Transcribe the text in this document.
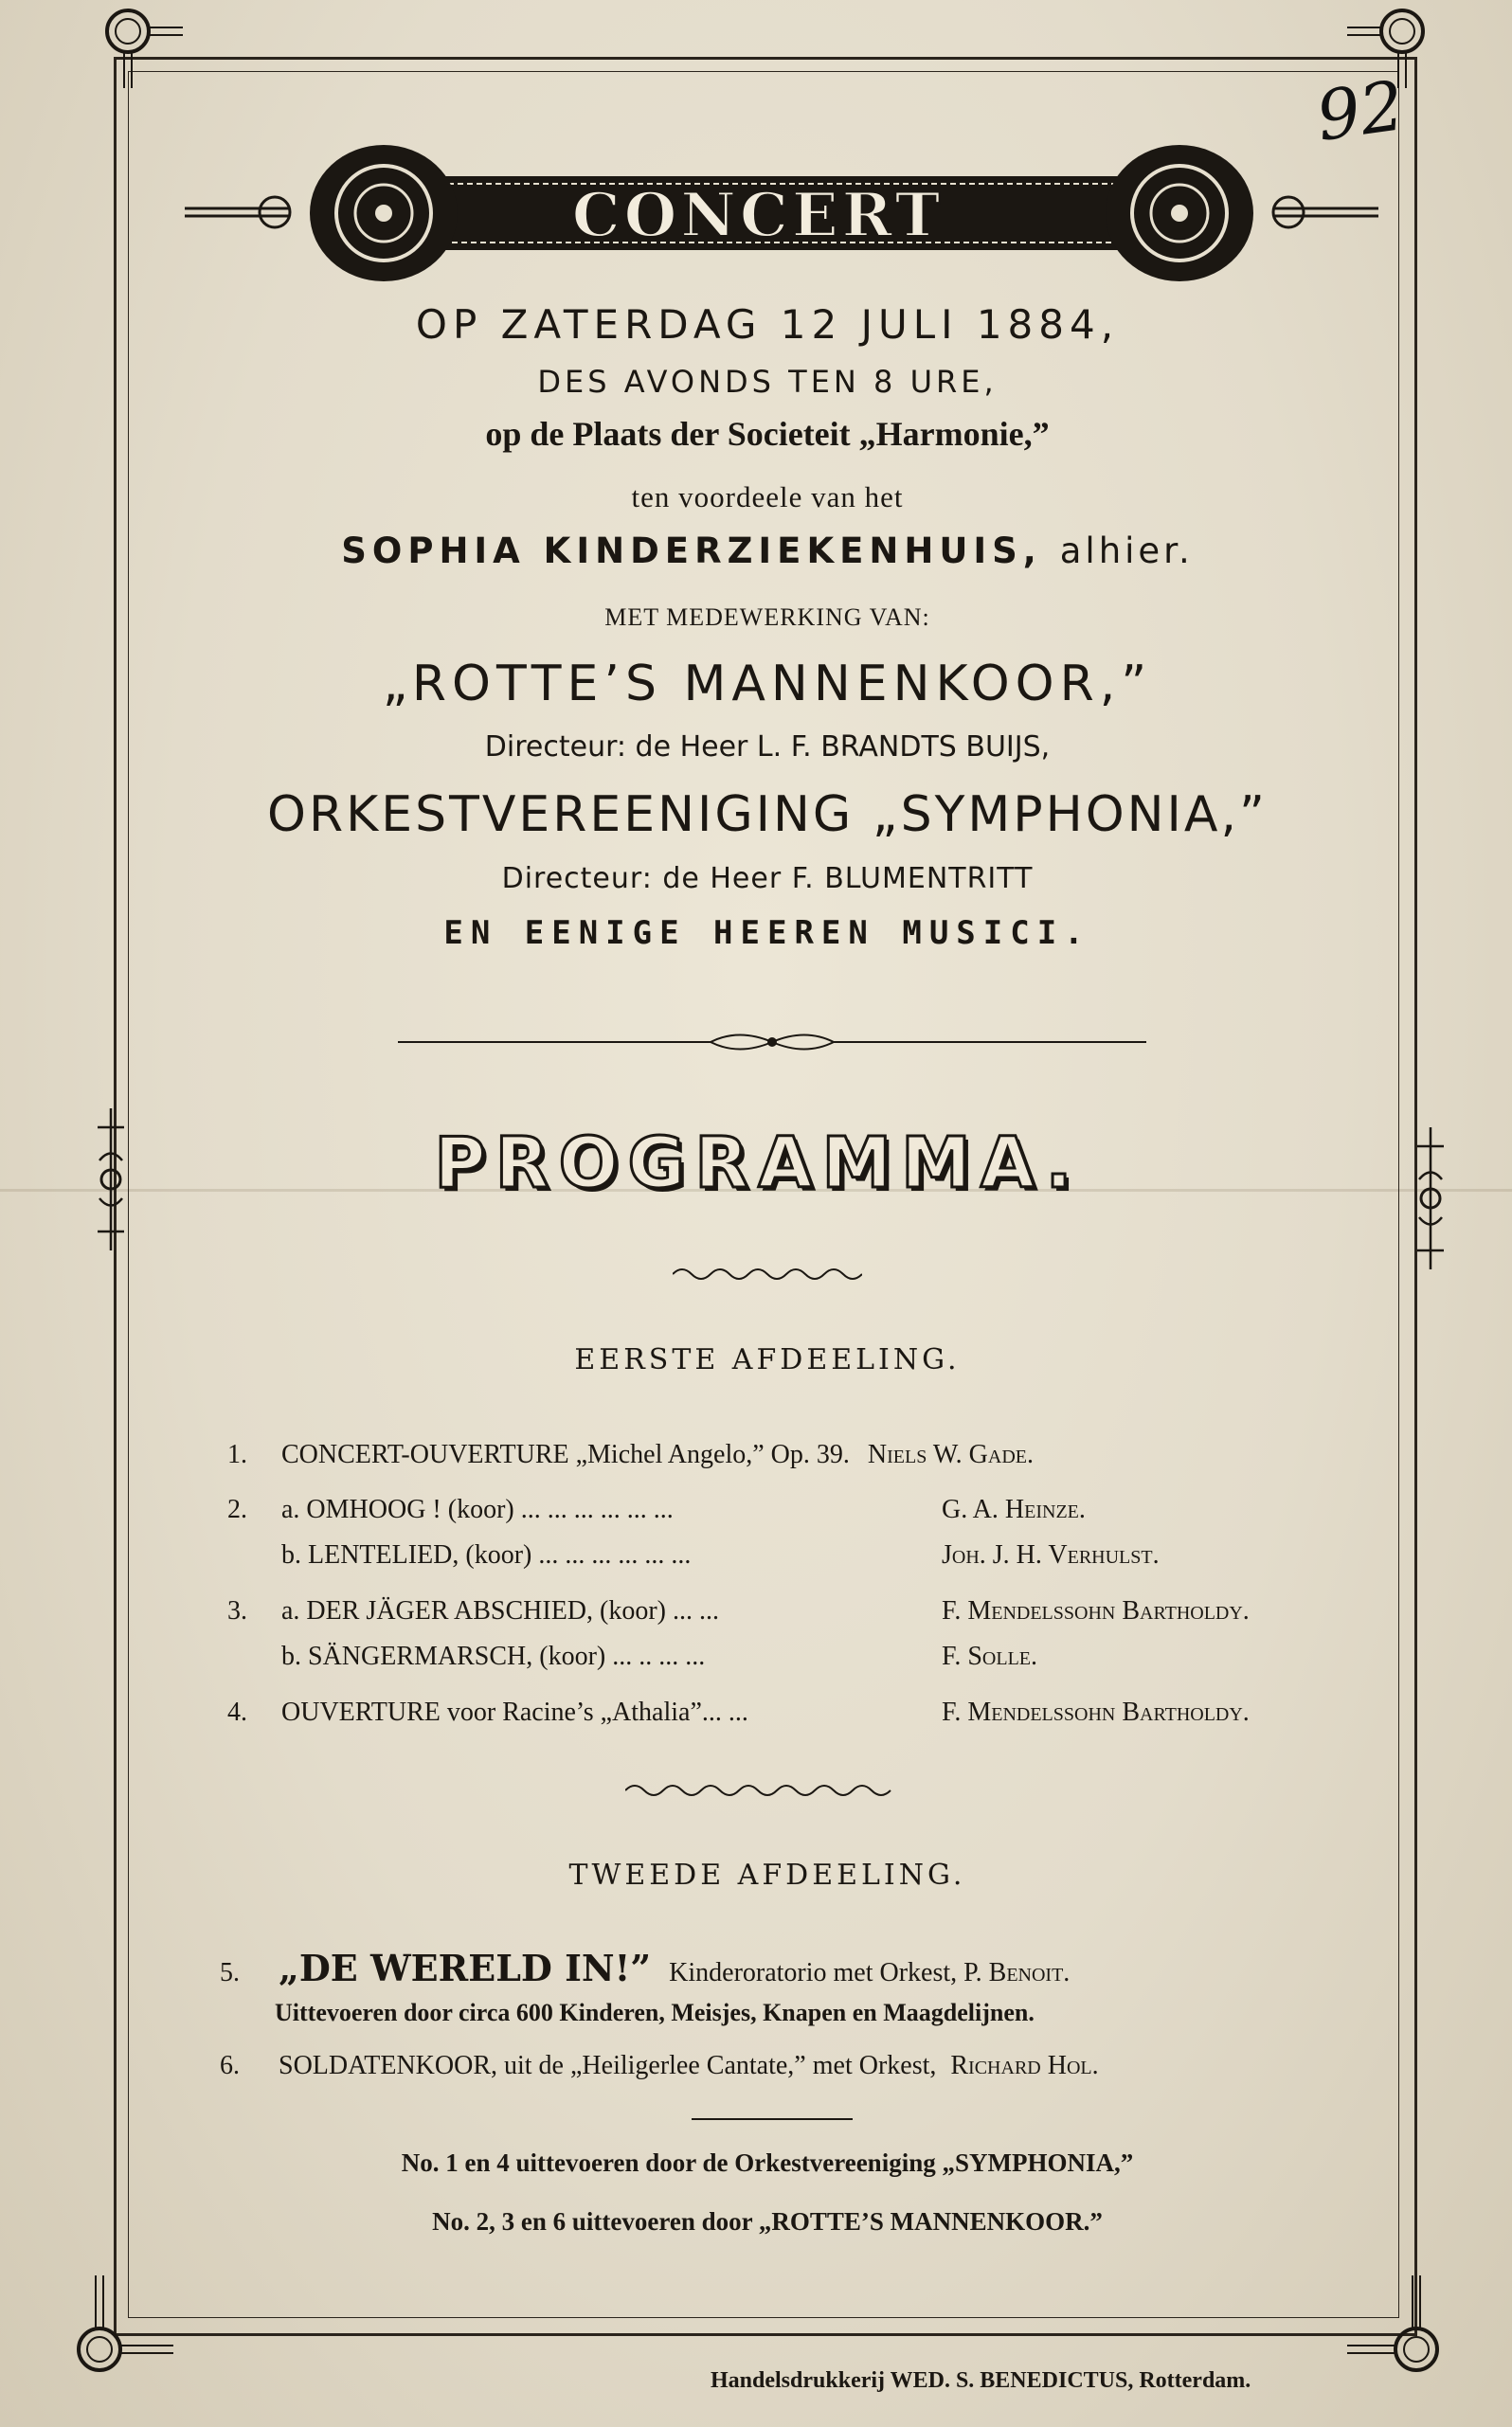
92
CONCERT
OP ZATERDAG 12 JULI 1884,
DES AVONDS TEN 8 URE,
op de Plaats der Societeit „Harmonie,”
ten voordeele van het
SOPHIA KINDERZIEKENHUIS, alhier.
MET MEDEWERKING VAN:
„ROTTE’S MANNENKOOR,”
Directeur: de Heer L. F. BRANDTS BUIJS,
ORKESTVEREENIGING „SYMPHONIA,”
Directeur: de Heer F. BLUMENTRITT
EN EENIGE HEEREN MUSICI.
PROGRAMMA.
EERSTE AFDEELING.
1. CONCERT-OUVERTURE „Michel Angelo,” Op. 39. Niels W. Gade.
2. a. OMHOOG ! (koor) ... ... ... ... ... ...	G. A. Heinze.
b. LENTELIED, (koor) ... ... ... ... ... ...	Joh. J. H. Verhulst.
3. a. DER JÄGER ABSCHIED, (koor) ... ...	F. Mendelssohn Bartholdy.
b. SÄNGERMARSCH, (koor) ... .. ... ...	F. Solle.
4. OUVERTURE voor Racine’s „Athalia”... ...	F. Mendelssohn Bartholdy.
TWEEDE AFDEELING.
5. „DE WERELD IN!” Kinderoratorio met Orkest, P. Benoit.
Uittevoeren door circa 600 Kinderen, Meisjes, Knapen en Maagdelijnen.
6. SOLDATENKOOR, uit de „Heiligerlee Cantate,” met Orkest, Richard Hol.
No. 1 en 4 uittevoeren door de Orkestvereeniging „SYMPHONIA,”
No. 2, 3 en 6 uittevoeren door „ROTTE’S MANNENKOOR.”
Handelsdrukkerij WED. S. BENEDICTUS, Rotterdam.
